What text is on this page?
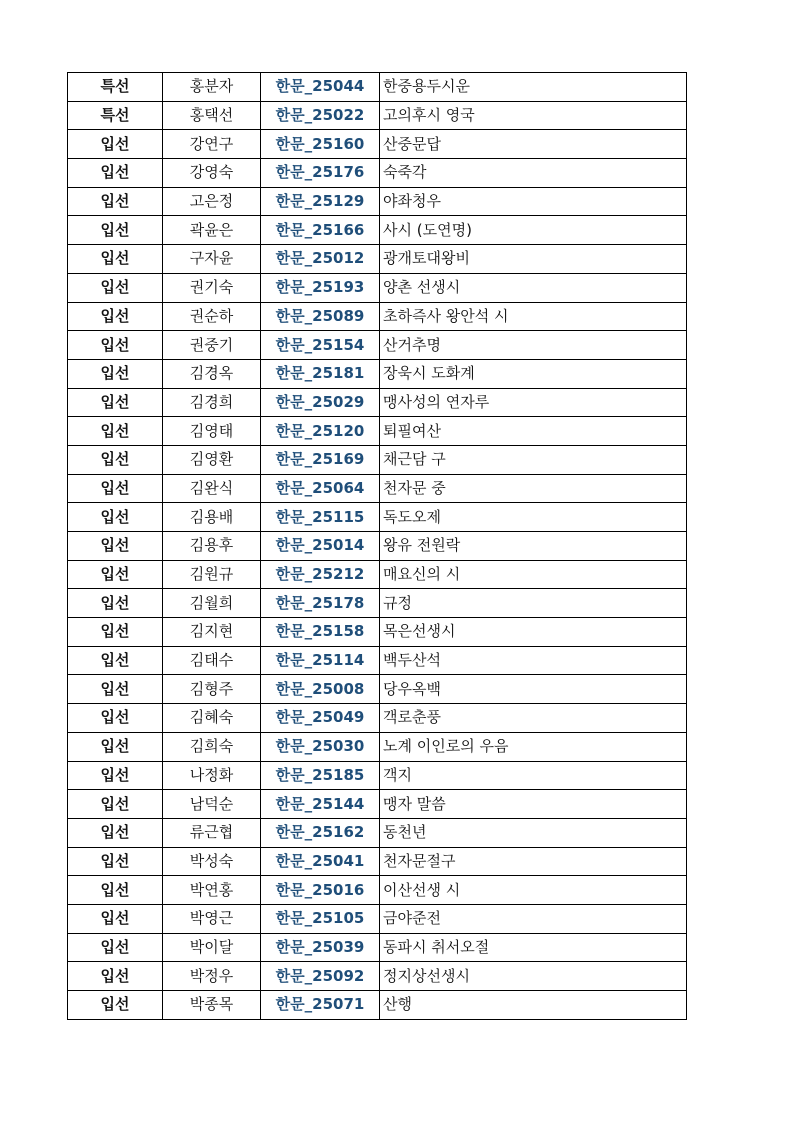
특선	홍분자	한문_25044	한중용두시운
특선	홍택선	한문_25022	고의후시 영국
입선	강연구	한문_25160	산중문답
입선	강영숙	한문_25176	숙죽각
입선	고은정	한문_25129	야좌청우
입선	곽윤은	한문_25166	사시 (도연명)
입선	구자윤	한문_25012	광개토대왕비
입선	권기숙	한문_25193	양촌 선생시
입선	권순하	한문_25089	초하즉사 왕안석 시
입선	권중기	한문_25154	산거추명
입선	김경옥	한문_25181	장욱시 도화계
입선	김경희	한문_25029	맹사성의 연자루
입선	김영태	한문_25120	퇴필여산
입선	김영환	한문_25169	채근담 구
입선	김완식	한문_25064	천자문 중
입선	김용배	한문_25115	독도오제
입선	김용후	한문_25014	왕유 전원락
입선	김원규	한문_25212	매요신의 시
입선	김월희	한문_25178	규정
입선	김지현	한문_25158	목은선생시
입선	김태수	한문_25114	백두산석
입선	김형주	한문_25008	당우옥백
입선	김혜숙	한문_25049	객로춘풍
입선	김희숙	한문_25030	노계 이인로의 우음
입선	나정화	한문_25185	객지
입선	남덕순	한문_25144	맹자 말씀
입선	류근협	한문_25162	동천년
입선	박성숙	한문_25041	천자문절구
입선	박연홍	한문_25016	이산선생 시
입선	박영근	한문_25105	금야준전
입선	박이달	한문_25039	동파시 취서오절
입선	박정우	한문_25092	정지상선생시
입선	박종목	한문_25071	산행
